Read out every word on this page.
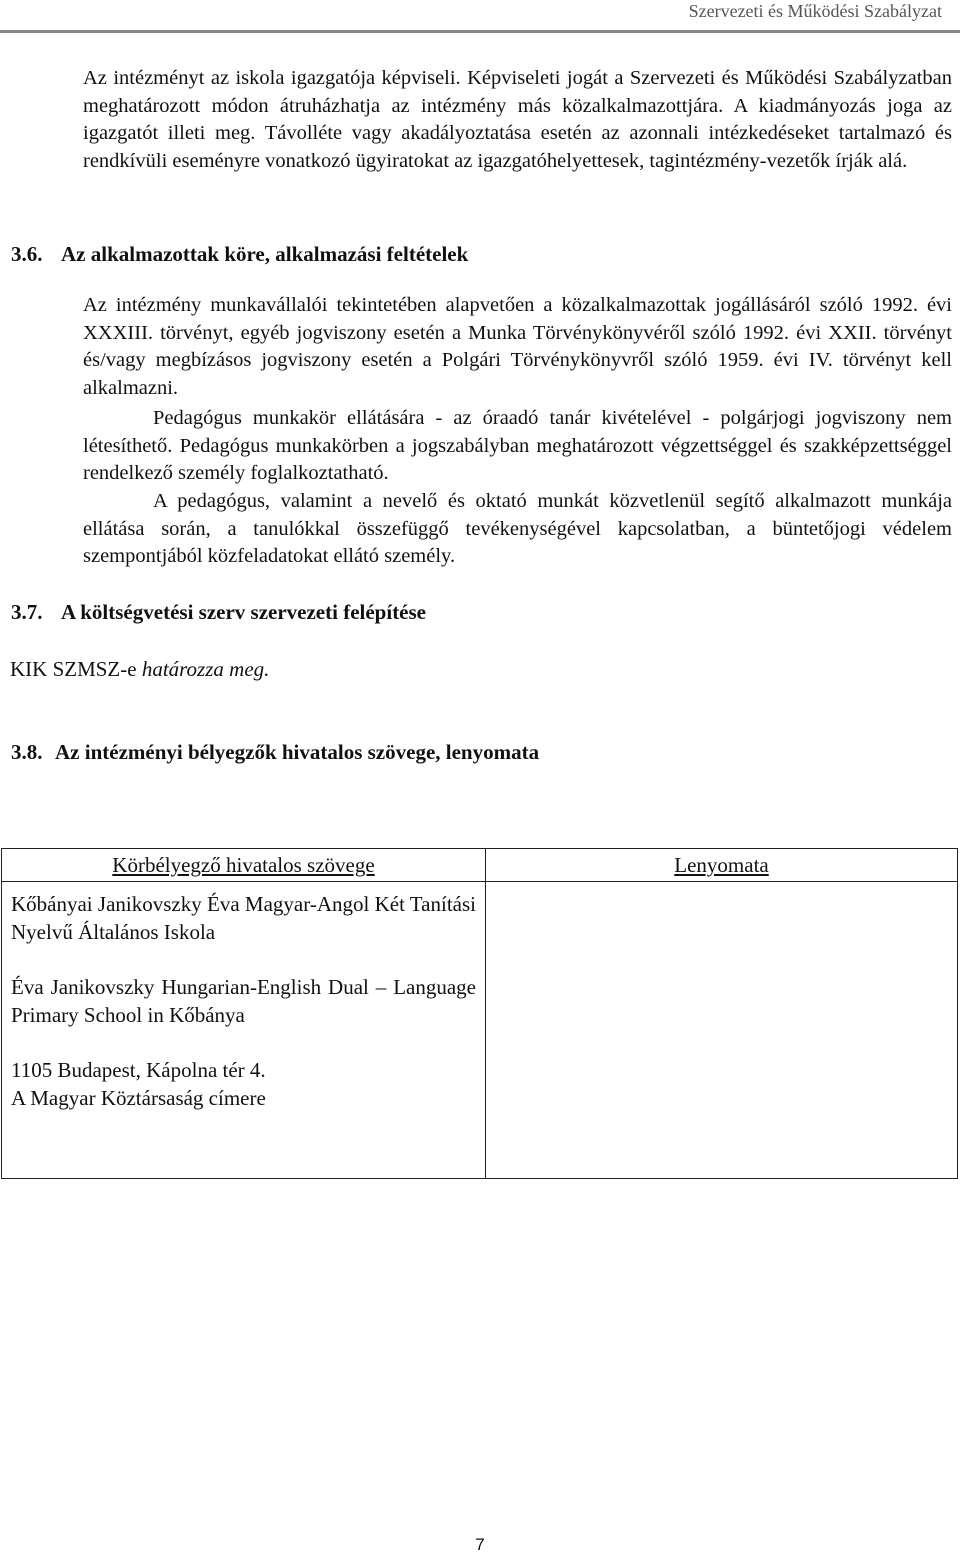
Szervezeti és Működési Szabályzat

Az intézményt az iskola igazgatója képviseli. Képviseleti jogát a Szervezeti és Működési Szabályzatban meghatározott módon átruházhatja az intézmény más közalkalmazottjára. A kiadmányozás joga az igazgatót illeti meg. Távolléte vagy akadályoztatása esetén az azonnali intézkedéseket tartalmazó és rendkívüli eseményre vonatkozó ügyiratokat az igazgatóhelyettesek, tagintézmény-vezetők írják alá.

3.6. Az alkalmazottak köre, alkalmazási feltételek

Az intézmény munkavállalói tekintetében alapvetően a közalkalmazottak jogállásáról szóló 1992. évi XXXIII. törvényt, egyéb jogviszony esetén a Munka Törvénykönyvéről szóló 1992. évi XXII. törvényt és/vagy megbízásos jogviszony esetén a Polgári Törvénykönyvről szóló 1959. évi IV. törvényt kell alkalmazni.

Pedagógus munkakör ellátására - az óraadó tanár kivételével - polgárjogi jogviszony nem létesíthető. Pedagógus munkakörben a jogszabályban meghatározott végzettséggel és szakképzettséggel rendelkező személy foglalkoztatható.

A pedagógus, valamint a nevelő és oktató munkát közvetlenül segítő alkalmazott munkája ellátása során, a tanulókkal összefüggő tevékenységével kapcsolatban, a büntetőjogi védelem szempontjából közfeladatokat ellátó személy.

3.7. A költségvetési szerv szervezeti felépítése

KIK SZMSZ-e határozza meg.

3.8. Az intézményi bélyegzők hivatalos szövege, lenyomata
Körbélyegző hivatalos szövege	Lenyomata

Kőbányai Janikovszky Éva Magyar-Angol Két Tanítási Nyelvű Általános Iskola

Éva Janikovszky Hungarian-English Dual – Language Primary School in Kőbánya

1105 Budapest, Kápolna tér 4.
A Magyar Köztársaság címere	

7
